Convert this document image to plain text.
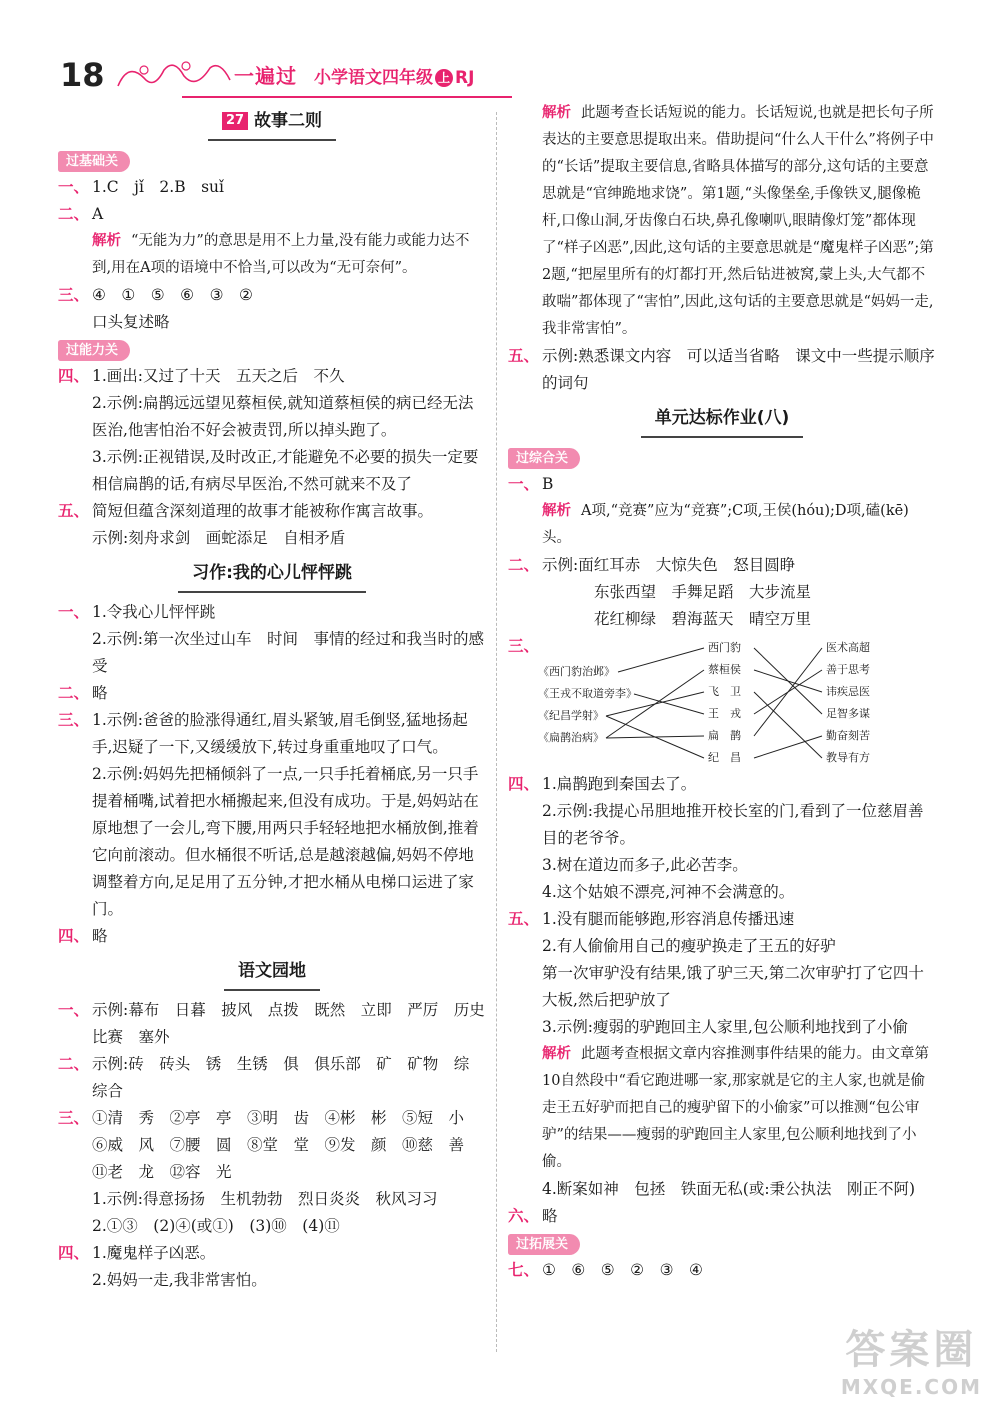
18	一遍过 小学语文四年级 上 RJ
27 故事二则
过基础关
一、 1.C　jǐ　2.B　suǐ
二、 A
解析 “无能为力”的意思是用不上力量,没有能力或能力达不到,用在A项的语境中不恰当,可以改为“无可奈何”。
三、 ④　①　⑤　⑥　③　②
口头复述略
过能力关
四、 1.画出:又过了十天　五天之后　不久
2.示例:扁鹊远远望见蔡桓侯,就知道蔡桓侯的病已经无法医治,他害怕治不好会被责罚,所以掉头跑了。
3.示例:正视错误,及时改正,才能避免不必要的损失一定要相信扁鹊的话,有病尽早医治,不然可就来不及了
五、 简短但蕴含深刻道理的故事才能被称作寓言故事。
示例:刻舟求剑　画蛇添足　自相矛盾
习作:我的心儿怦怦跳
一、 1.令我心儿怦怦跳
2.示例:第一次坐过山车　时间　事情的经过和我当时的感受
二、 略
三、 1.示例:爸爸的脸涨得通红,眉头紧皱,眉毛倒竖,猛地扬起手,迟疑了一下,又缓缓放下,转过身重重地叹了口气。
2.示例:妈妈先把桶倾斜了一点,一只手托着桶底,另一只手提着桶嘴,试着把水桶搬起来,但没有成功。于是,妈妈站在原地想了一会儿,弯下腰,用两只手轻轻地把水桶放倒,推着它向前滚动。但水桶很不听话,总是越滚越偏,妈妈不停地调整着方向,足足用了五分钟,才把水桶从电梯口运进了家门。
四、 略
语文园地
一、 示例:幕布　日暮　披风　点拨　既然　立即　严厉　历史　比赛　塞外
二、 示例:砖　砖头　锈　生锈　俱　俱乐部　矿　矿物　综　综合
三、 ①清　秀　②亭　亭　③明　齿　④彬　彬　⑤短　小　⑥威　风　⑦腰　圆　⑧堂　堂　⑨发　颜　⑩慈　善　⑪老　龙　⑫容　光
1.示例:得意扬扬　生机勃勃　烈日炎炎　秋风习习
2.①③　(2)④(或①)　(3)⑩　(4)⑪
四、 1.魔鬼样子凶恶。
2.妈妈一走,我非常害怕。
解析 此题考查长话短说的能力。长话短说,也就是把长句子所表达的主要意思提取出来。借助提问“什么人干什么”将例子中的“长话”提取主要信息,省略具体描写的部分,这句话的主要意思就是“官绅跪地求饶”。第1题,“头像堡垒,手像铁叉,腿像桅杆,口像山洞,牙齿像白石块,鼻孔像喇叭,眼睛像灯笼”都体现了“样子凶恶”,因此,这句话的主要意思就是“魔鬼样子凶恶”;第2题,“把屋里所有的灯都打开,然后钻进被窝,蒙上头,大气都不敢喘”都体现了“害怕”,因此,这句话的主要意思就是“妈妈一走,我非常害怕”。
五、 示例:熟悉课文内容　可以适当省略　课文中一些提示顺序的词句
单元达标作业(八)
过综合关
一、 B
解析 A项,“竞赛”应为“竞赛”;C项,王侯(hóu);D项,磕(kē)头。
二、 示例:面红耳赤　大惊失色　怒目圆睁
东张西望　手舞足蹈　大步流星
花红柳绿　碧海蓝天　晴空万里
三、
《西门豹治邺》
《王戎不取道旁李》
《纪昌学射》
《扁鹊治病》
西门豹
蔡桓侯
飞　卫
王　戎
扁　鹊
纪　昌
医术高超
善于思考
讳疾忌医
足智多谋
勤奋刻苦
教导有方
四、 1.扁鹊跑到秦国去了。
2.示例:我提心吊胆地推开校长室的门,看到了一位慈眉善目的老爷爷。
3.树在道边而多子,此必苦李。
4.这个姑娘不漂亮,河神不会满意的。
五、 1.没有腿而能够跑,形容消息传播迅速
2.有人偷偷用自己的瘦驴换走了王五的好驴
第一次审驴没有结果,饿了驴三天,第二次审驴打了它四十大板,然后把驴放了
3.示例:瘦弱的驴跑回主人家里,包公顺利地找到了小偷
解析 此题考查根据文章内容推测事件结果的能力。由文章第10自然段中“看它跑进哪一家,那家就是它的主人家,也就是偷走王五好驴而把自己的瘦驴留下的小偷家”可以推测“包公审驴”的结果——瘦弱的驴跑回主人家里,包公顺利地找到了小偷。
4.断案如神　包拯　铁面无私(或:秉公执法　刚正不阿)
六、 略
过拓展关
七、 ①　⑥　⑤　②　③　④
答案圈
MXQE.COM
